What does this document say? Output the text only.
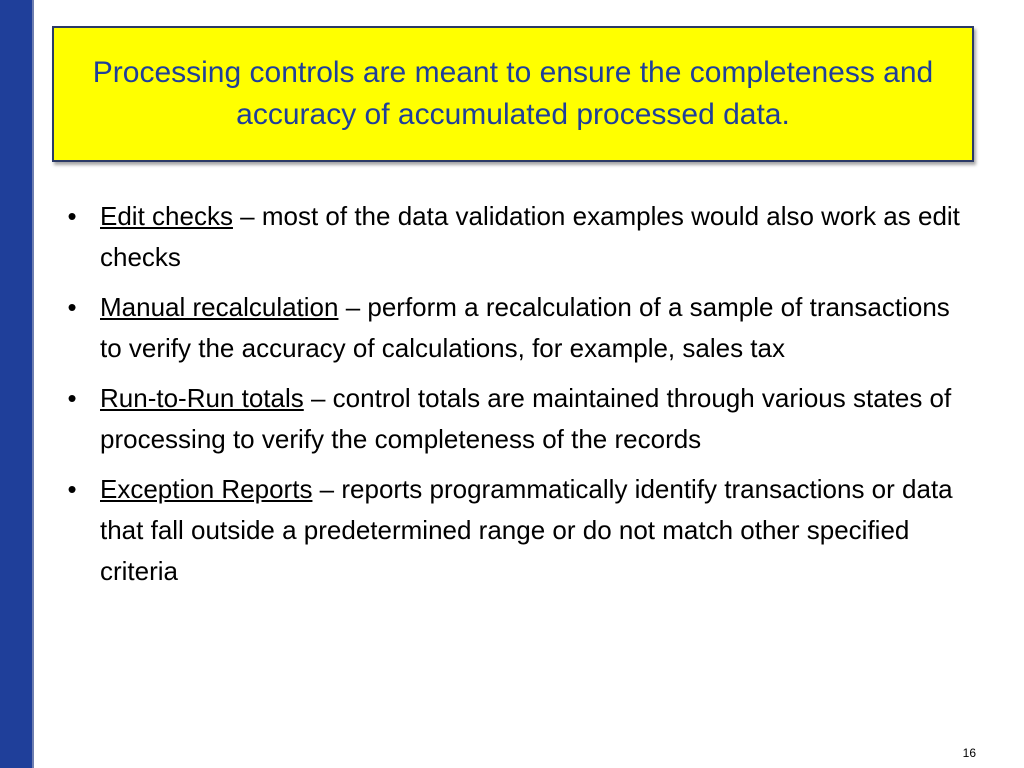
Processing controls are meant to ensure the completeness and accuracy of accumulated processed data.
• Edit checks – most of the data validation examples would also work as edit checks
• Manual recalculation – perform a recalculation of a sample of transactions to verify the accuracy of calculations, for example, sales tax
• Run-to-Run totals – control totals are maintained through various states of processing to verify the completeness of the records
• Exception Reports – reports programmatically identify transactions or data that fall outside a predetermined range or do not match other specified criteria
16
